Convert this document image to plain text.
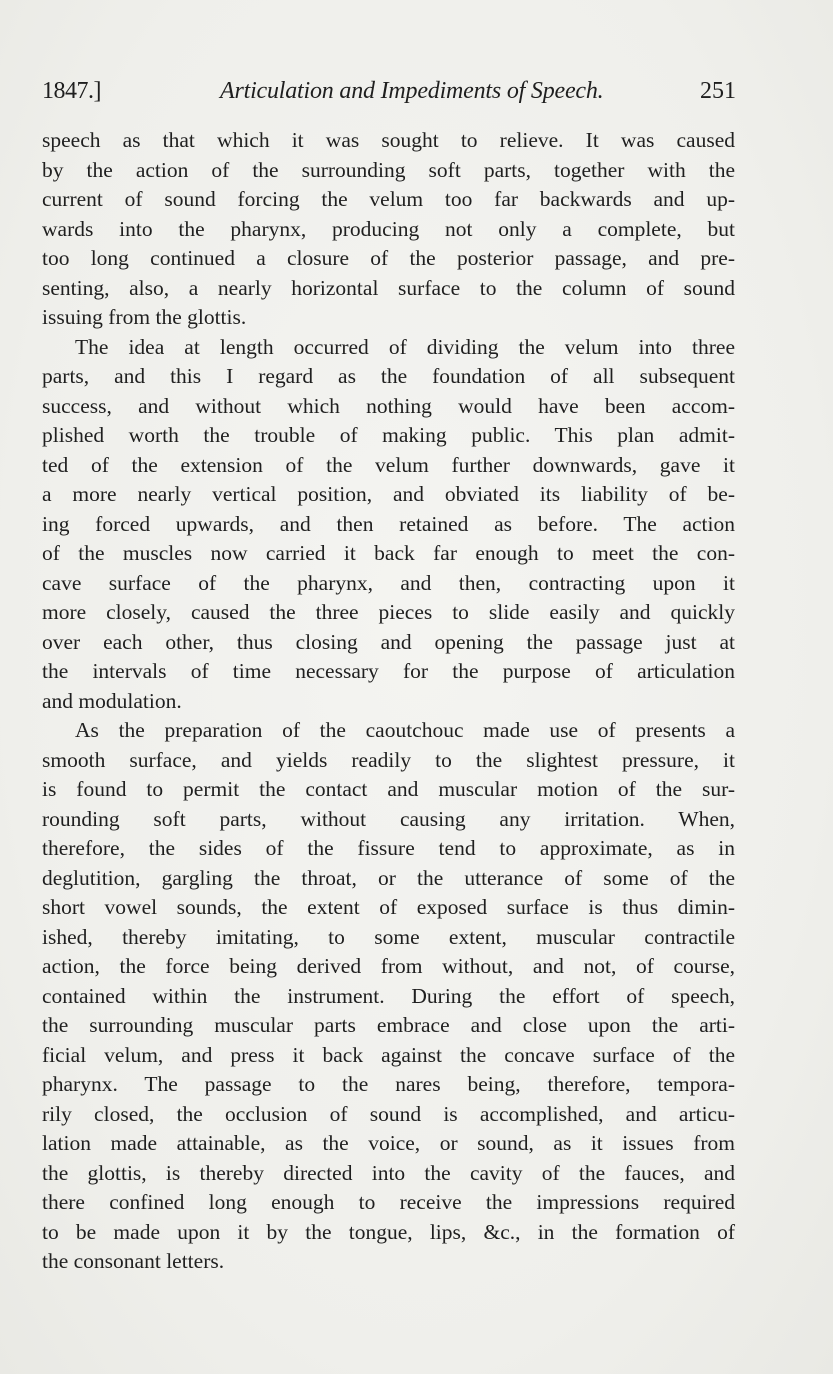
1847.]	Articulation and Impediments of Speech.	251
speech as that which it was sought to relieve. It was caused
by the action of the surrounding soft parts, together with the
current of sound forcing the velum too far backwards and up-
wards into the pharynx, producing not only a complete, but
too long continued a closure of the posterior passage, and pre-
senting, also, a nearly horizontal surface to the column of sound
issuing from the glottis.
The idea at length occurred of dividing the velum into three
parts, and this I regard as the foundation of all subsequent
success, and without which nothing would have been accom-
plished worth the trouble of making public. This plan admit-
ted of the extension of the velum further downwards, gave it
a more nearly vertical position, and obviated its liability of be-
ing forced upwards, and then retained as before. The action
of the muscles now carried it back far enough to meet the con-
cave surface of the pharynx, and then, contracting upon it
more closely, caused the three pieces to slide easily and quickly
over each other, thus closing and opening the passage just at
the intervals of time necessary for the purpose of articulation
and modulation.
As the preparation of the caoutchouc made use of presents a
smooth surface, and yields readily to the slightest pressure, it
is found to permit the contact and muscular motion of the sur-
rounding soft parts, without causing any irritation. When,
therefore, the sides of the fissure tend to approximate, as in
deglutition, gargling the throat, or the utterance of some of the
short vowel sounds, the extent of exposed surface is thus dimin-
ished, thereby imitating, to some extent, muscular contractile
action, the force being derived from without, and not, of course,
contained within the instrument. During the effort of speech,
the surrounding muscular parts embrace and close upon the arti-
ficial velum, and press it back against the concave surface of the
pharynx. The passage to the nares being, therefore, tempora-
rily closed, the occlusion of sound is accomplished, and articu-
lation made attainable, as the voice, or sound, as it issues from
the glottis, is thereby directed into the cavity of the fauces, and
there confined long enough to receive the impressions required
to be made upon it by the tongue, lips, &c., in the formation of
the consonant letters.
